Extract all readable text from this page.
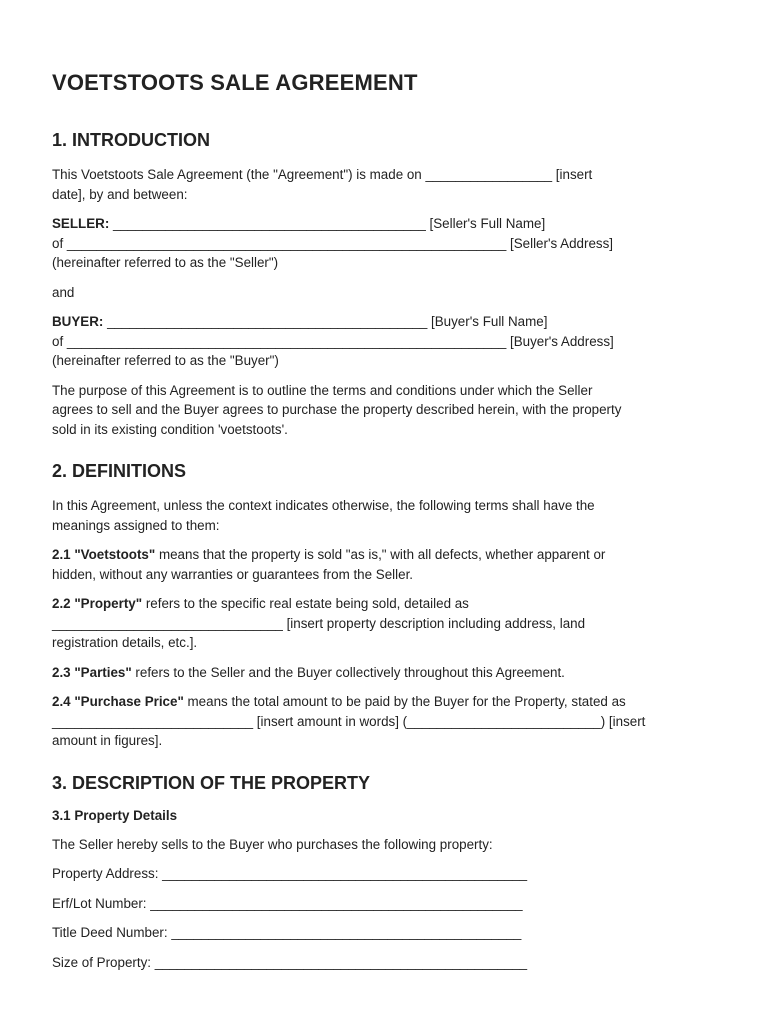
VOETSTOOTS SALE AGREEMENT
1. INTRODUCTION
This Voetstoots Sale Agreement (the "Agreement") is made on _________________ [insert
date], by and between:
SELLER: __________________________________________ [Seller's Full Name]
of ___________________________________________________________ [Seller's Address]
(hereinafter referred to as the "Seller")
and
BUYER: ___________________________________________ [Buyer's Full Name]
of ___________________________________________________________ [Buyer's Address]
(hereinafter referred to as the "Buyer")
The purpose of this Agreement is to outline the terms and conditions under which the Seller
agrees to sell and the Buyer agrees to purchase the property described herein, with the property
sold in its existing condition 'voetstoots'.
2. DEFINITIONS
In this Agreement, unless the context indicates otherwise, the following terms shall have the
meanings assigned to them:
2.1 "Voetstoots" means that the property is sold "as is," with all defects, whether apparent or
hidden, without any warranties or guarantees from the Seller.
2.2 "Property" refers to the specific real estate being sold, detailed as
_______________________________ [insert property description including address, land
registration details, etc.].
2.3 "Parties" refers to the Seller and the Buyer collectively throughout this Agreement.
2.4 "Purchase Price" means the total amount to be paid by the Buyer for the Property, stated as
___________________________ [insert amount in words] (__________________________) [insert
amount in figures].
3. DESCRIPTION OF THE PROPERTY
3.1 Property Details
The Seller hereby sells to the Buyer who purchases the following property:
Property Address: _________________________________________________
Erf/Lot Number: __________________________________________________
Title Deed Number: _______________________________________________
Size of Property: __________________________________________________
